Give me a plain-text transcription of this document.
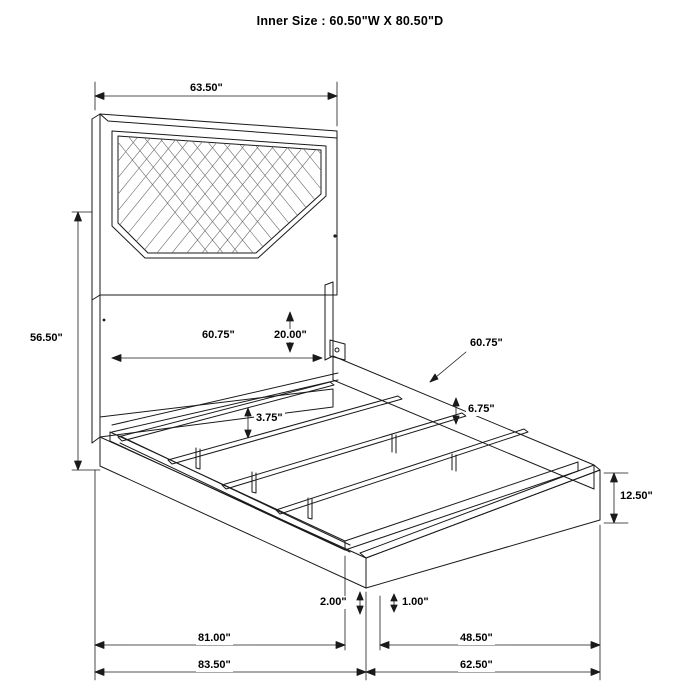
Inner Size : 60.50"W X 80.50"D
63.50"
56.50"	60.75"	20.00"
60.75"
6.75"
3.75"
12.50"
2.00"	1.00"
81.00"	48.50"
83.50"	62.50"
